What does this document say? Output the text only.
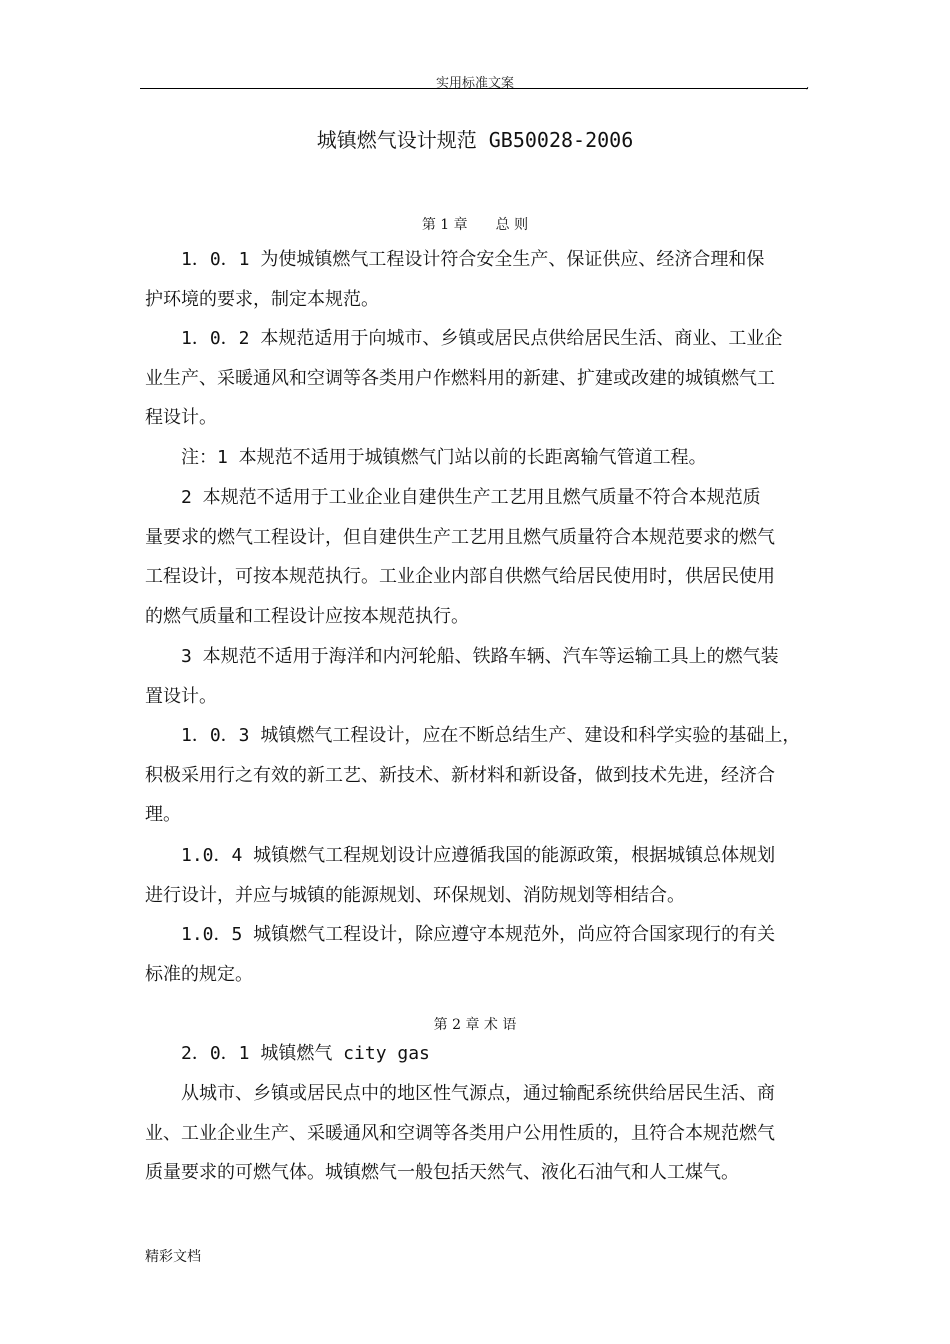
实用标准文案	,
城镇燃气设计规范 GB50028-2006
第 1 章　　总 则
1．0．1 为使城镇燃气工程设计符合安全生产、保证供应、经济合理和保
护环境的要求，制定本规范。
1．0．2 本规范适用于向城市、乡镇或居民点供给居民生活、商业、工业企
业生产、采暖通风和空调等各类用户作燃料用的新建、扩建或改建的城镇燃气工
程设计。
注：1 本规范不适用于城镇燃气门站以前的长距离输气管道工程。
2 本规范不适用于工业企业自建供生产工艺用且燃气质量不符合本规范质
量要求的燃气工程设计，但自建供生产工艺用且燃气质量符合本规范要求的燃气
工程设计，可按本规范执行。工业企业内部自供燃气给居民使用时，供居民使用
的燃气质量和工程设计应按本规范执行。
3 本规范不适用于海洋和内河轮船、铁路车辆、汽车等运输工具上的燃气装
置设计。
1．0．3 城镇燃气工程设计，应在不断总结生产、建设和科学实验的基础上，
积极采用行之有效的新工艺、新技术、新材料和新设备，做到技术先进，经济合
理。
1.0．4 城镇燃气工程规划设计应遵循我国的能源政策，根据城镇总体规划
进行设计，并应与城镇的能源规划、环保规划、消防规划等相结合。
1.0．5 城镇燃气工程设计，除应遵守本规范外，尚应符合国家现行的有关
标准的规定。
第 2 章 术 语
2．0．1 城镇燃气 city gas
从城市、乡镇或居民点中的地区性气源点，通过输配系统供给居民生活、商
业、工业企业生产、采暖通风和空调等各类用户公用性质的，且符合本规范燃气
质量要求的可燃气体。城镇燃气一般包括天然气、液化石油气和人工煤气。
精彩文档
